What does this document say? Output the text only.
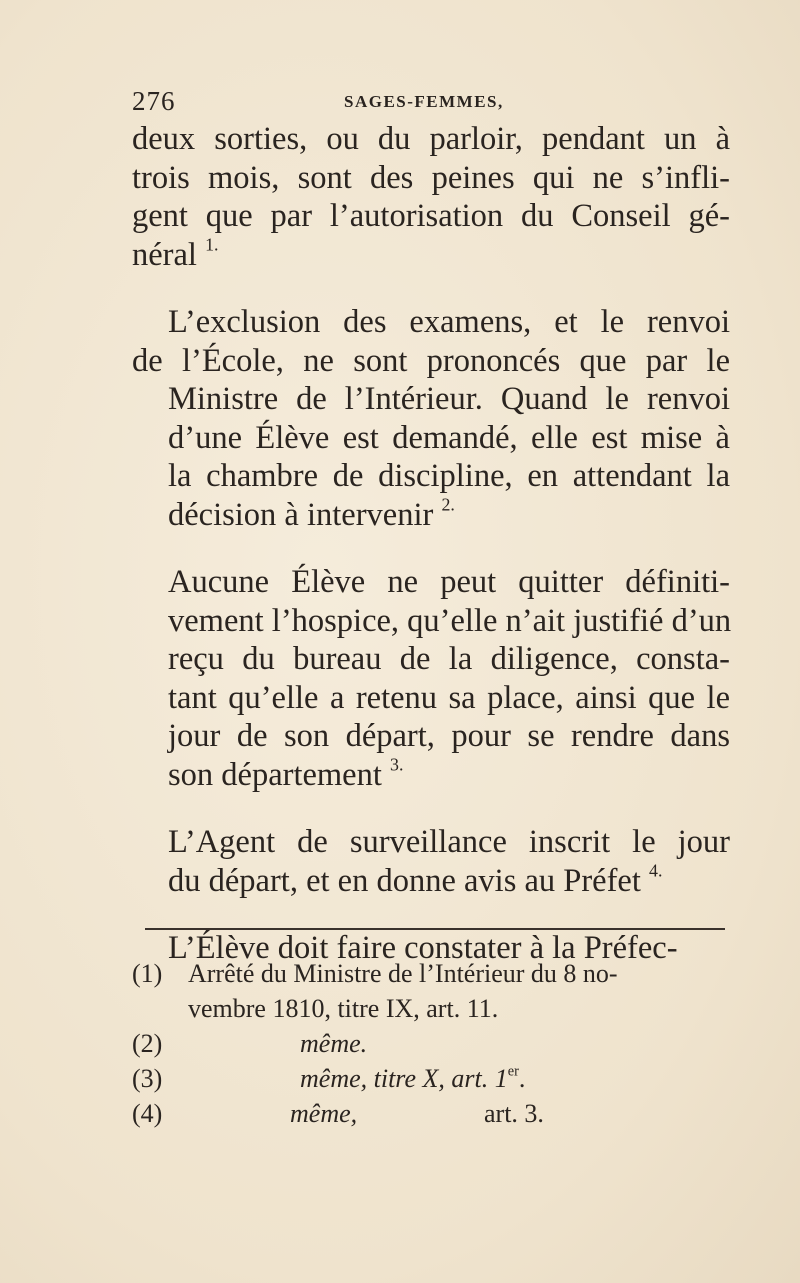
276	SAGES-FEMMES,

deux sorties, ou du parloir, pendant un à
trois mois, sont des peines qui ne s’infli-
gent que par l’autorisation du Conseil gé-
néral $^{1.}$

L’exclusion des examens, et le renvoi
de l’École, ne sont prononcés que par le
Ministre de l’Intérieur. Quand le renvoi
d’une Élève est demandé, elle est mise à
la chambre de discipline, en attendant la
décision à intervenir $^{2.}$

Aucune Élève ne peut quitter définiti-
vement l’hospice, qu’elle n’ait justifié d’un
reçu du bureau de la diligence, consta-
tant qu’elle a retenu sa place, ainsi que le
jour de son départ, pour se rendre dans
son département $^{3.}$

L’Agent de surveillance inscrit le jour
du départ, et en donne avis au Préfet $^{4.}$

L’Élève doit faire constater à la Préfec-

(1) Arrêté du Ministre de l’Intérieur du 8 no-
vembre 1810, titre IX, art. 11.
(2)	même.
(3)	même, titre X, art. 1er.
(4)	même,	art. 3.
